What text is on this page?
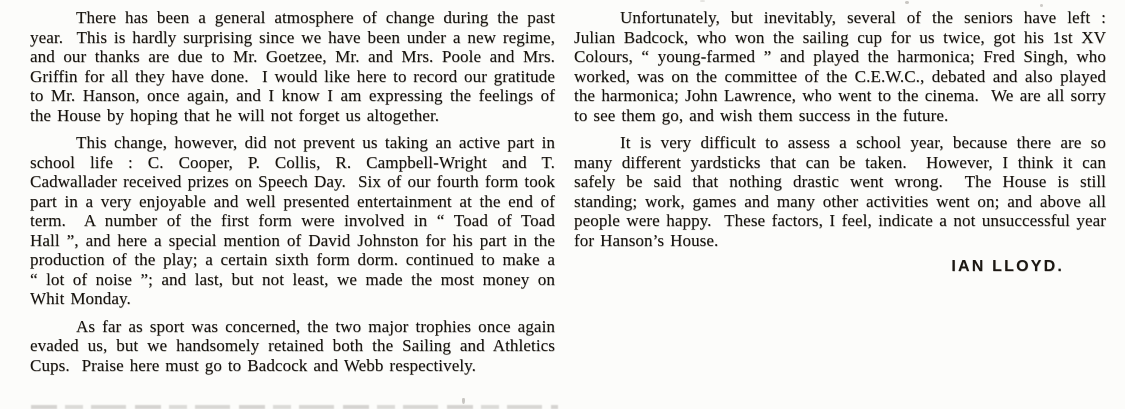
There has been a general atmosphere of change during the past year.  This is hardly surprising since we have been under a new regime, and our thanks are due to Mr. Goetzee, Mr. and Mrs. Poole and Mrs. Griffin for all they have done.  I would like here to record our gratitude to Mr. Hanson, once again, and I know I am expressing the feelings of the House by hoping that he will not forget us altogether.

This change, however, did not prevent us taking an active part in school life : C. Cooper, P. Collis, R. Campbell-Wright and T. Cadwallader received prizes on Speech Day.  Six of our fourth form took part in a very enjoyable and well presented entertainment at the end of term.  A number of the first form were involved in “ Toad of Toad Hall ”, and here a special mention of David Johnston for his part in the production of the play; a certain sixth form dorm. continued to make a “ lot of noise ”; and last, but not least, we made the most money on Whit Monday.

As far as sport was concerned, the two major trophies once again evaded us, but we handsomely retained both the Sailing and Athletics Cups.  Praise here must go to Badcock and Webb respectively.

Unfortunately, but inevitably, several of the seniors have left : Julian Badcock, who won the sailing cup for us twice, got his 1st XV Colours, “ young-farmed ” and played the harmonica; Fred Singh, who worked, was on the committee of the C.E.W.C., debated and also played the harmonica; John Lawrence, who went to the cinema.  We are all sorry to see them go, and wish them success in the future.

It is very difficult to assess a school year, because there are so many different yardsticks that can be taken.  However, I think it can safely be said that nothing drastic went wrong.  The House is still standing; work, games and many other activities went on; and above all people were happy.  These factors, I feel, indicate a not unsuccessful year for Hanson’s House.

IAN LLOYD.
